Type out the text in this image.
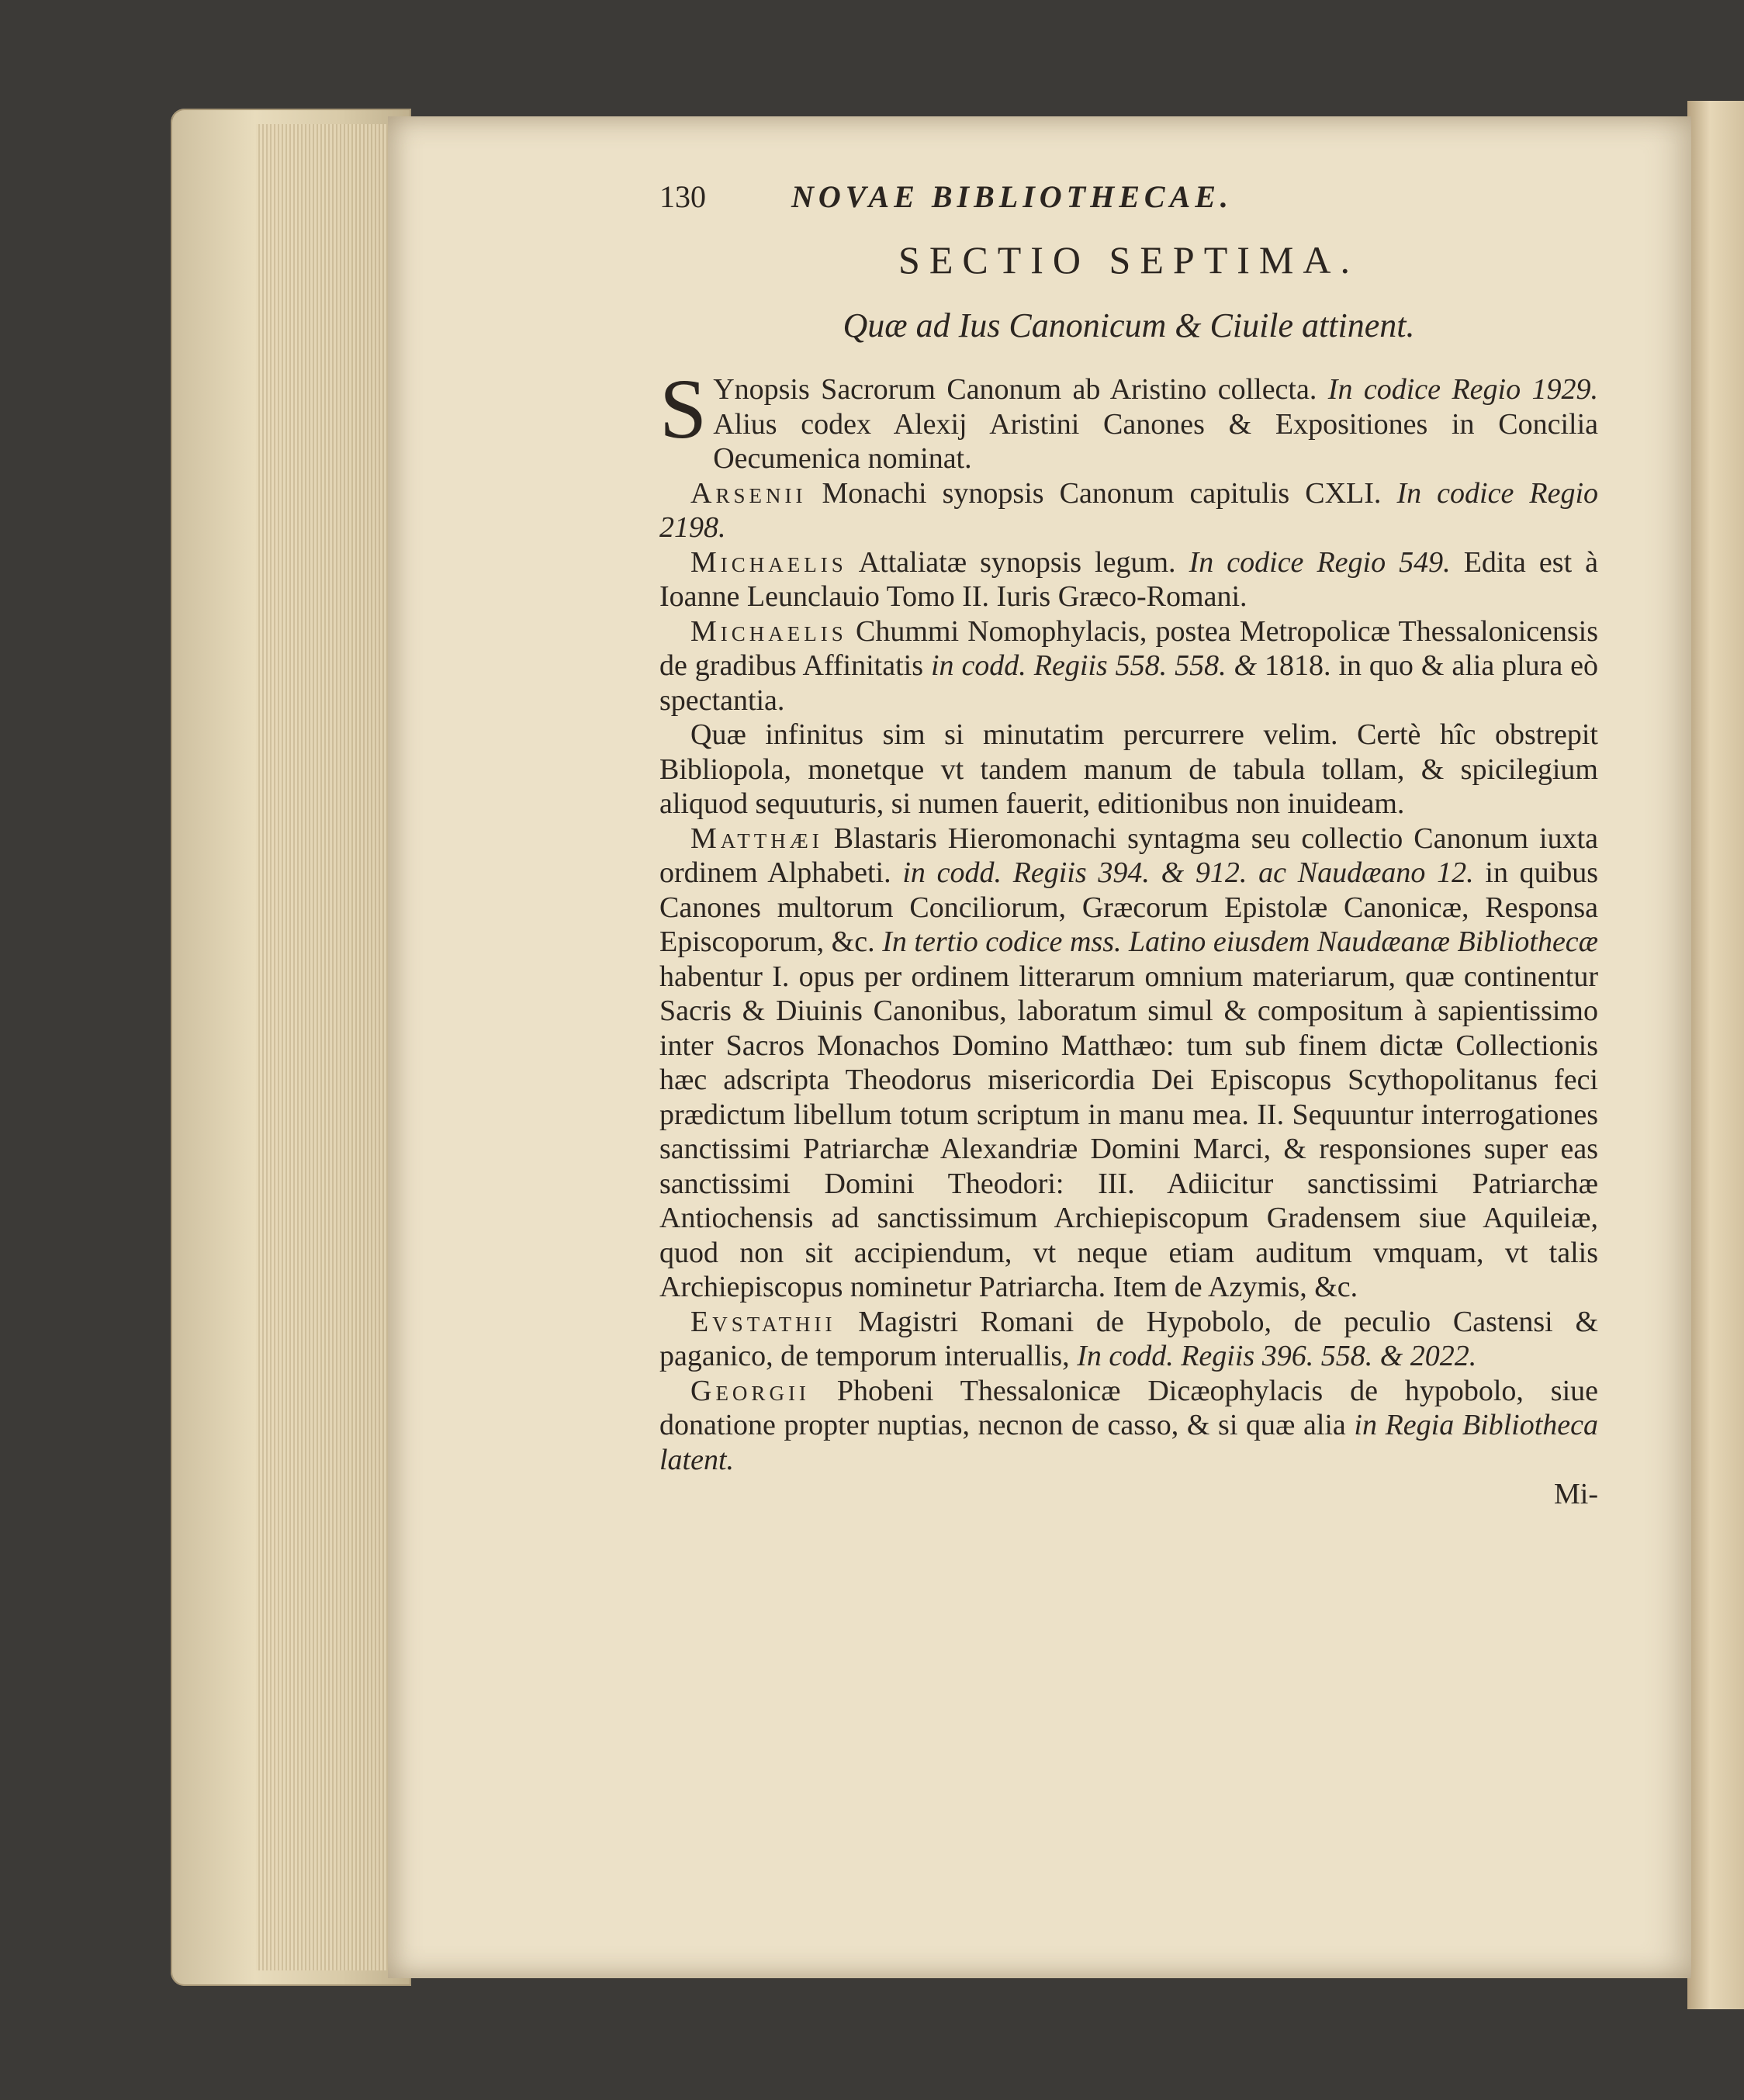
130	NOVAE BIBLIOTHECAE.
SECTIO SEPTIMA.
Quæ ad Ius Canonicum & Ciuile attinent.

S Ynopsis Sacrorum Canonum ab Aristino collecta. In codice Regio 1929. Alius codex Alexij Aristini Canones & Expositiones in Concilia Oecumenica nominat.

Arsenii Monachi synopsis Canonum capitulis CXLI. In codice Regio 2198.

Michaelis Attaliatæ synopsis legum. In codice Regio 549. Edita est à Ioanne Leunclauio Tomo II. Iuris Græco-Romani.

Michaelis Chummi Nomophylacis, postea Metropolicæ Thessalonicensis de gradibus Affinitatis in codd. Regiis 558. 558. & 1818. in quo & alia plura eò spectantia.

Quæ infinitus sim si minutatim percurrere velim. Certè hîc obstrepit Bibliopola, monetque vt tandem manum de tabula tollam, & spicilegium aliquod sequuturis, si numen fauerit, editionibus non inuideam.

Matthæi Blastaris Hieromonachi syntagma seu collectio Canonum iuxta ordinem Alphabeti. in codd. Regiis 394. & 912. ac Naudæano 12. in quibus Canones multorum Conciliorum, Græcorum Epistolæ Canonicæ, Responsa Episcoporum, &c. In tertio codice mss. Latino eiusdem Naudæanæ Bibliothecæ habentur I. opus per ordinem litterarum omnium materiarum, quæ continentur Sacris & Diuinis Canonibus, laboratum simul & compositum à sapientissimo inter Sacros Monachos Domino Matthæo: tum sub finem dictæ Collectionis hæc adscripta Theodorus misericordia Dei Episcopus Scythopolitanus feci prædictum libellum totum scriptum in manu mea. II. Sequuntur interrogationes sanctissimi Patriarchæ Alexandriæ Domini Marci, & responsiones super eas sanctissimi Domini Theodori: III. Adiicitur sanctissimi Patriarchæ Antiochensis ad sanctissimum Archiepiscopum Gradensem siue Aquileiæ, quod non sit accipiendum, vt neque etiam auditum vmquam, vt talis Archiepiscopus nominetur Patriarcha. Item de Azymis, &c.

Evstathii Magistri Romani de Hypobolo, de peculio Castensi & paganico, de temporum interuallis, In codd. Regiis 396. 558. & 2022.

Georgii Phobeni Thessalonicæ Dicæophylacis de hypobolo, siue donatione propter nuptias, necnon de casso, & si quæ alia in Regia Bibliotheca latent.

Mi-
